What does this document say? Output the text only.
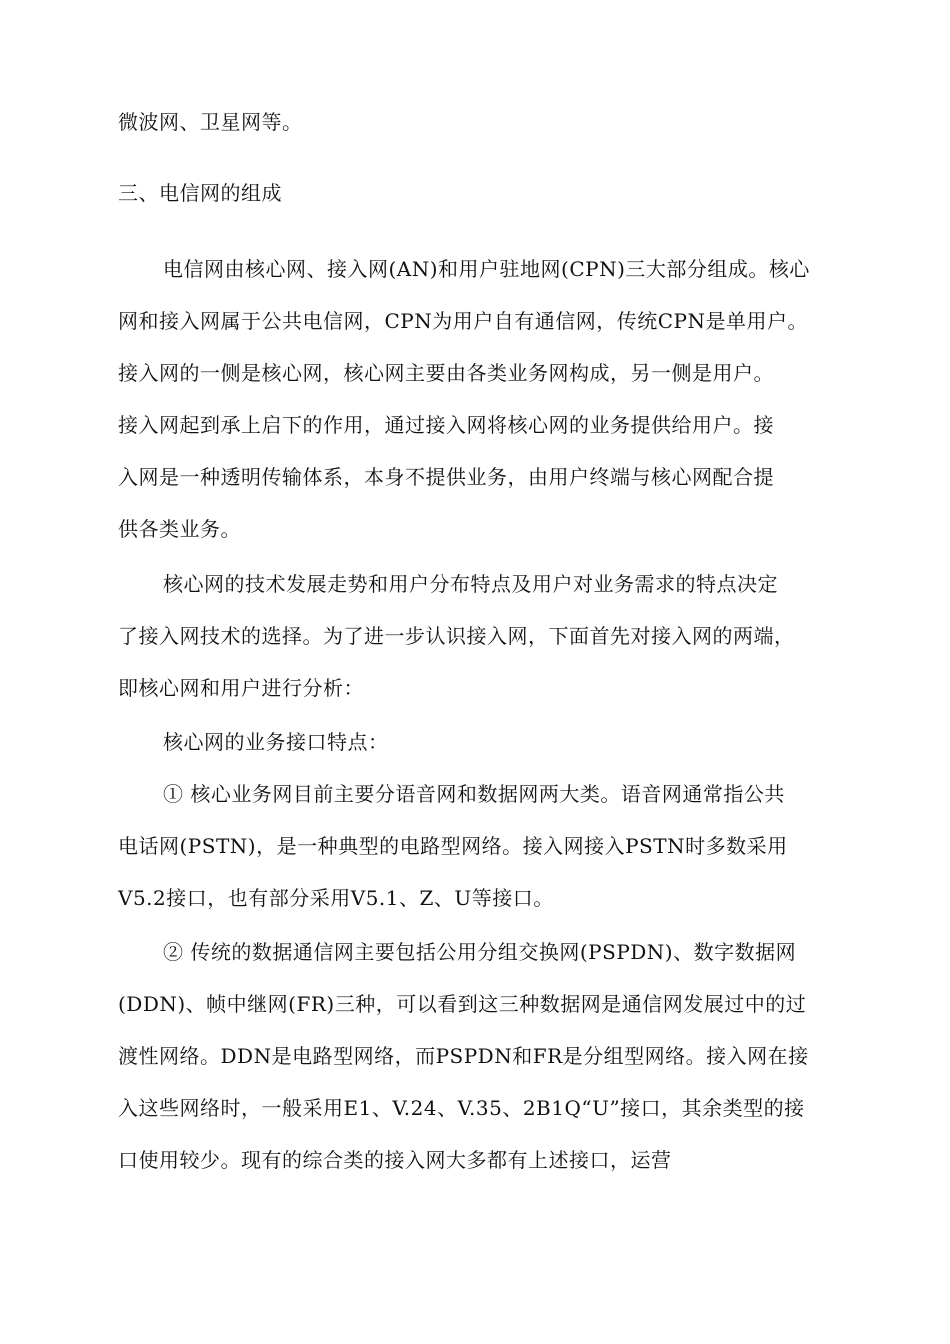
微波网、卫星网等。
三、电信网的组成
电信网由核心网、接入网(AN)和用户驻地网(CPN)三大部分组成。核心
网和接入网属于公共电信网，CPN为用户自有通信网，传统CPN是单用户。
接入网的一侧是核心网，核心网主要由各类业务网构成，另一侧是用户。
接入网起到承上启下的作用，通过接入网将核心网的业务提供给用户。接
入网是一种透明传输体系，本身不提供业务，由用户终端与核心网配合提
供各类业务。
核心网的技术发展走势和用户分布特点及用户对业务需求的特点决定
了接入网技术的选择。为了进一步认识接入网，下面首先对接入网的两端，
即核心网和用户进行分析：
核心网的业务接口特点：
① 核心业务网目前主要分语音网和数据网两大类。语音网通常指公共
电话网(PSTN)，是一种典型的电路型网络。接入网接入PSTN时多数采用
V5.2接口，也有部分采用V5.1、Z、U等接口。
② 传统的数据通信网主要包括公用分组交换网(PSPDN)、数字数据网
(DDN)、帧中继网(FR)三种，可以看到这三种数据网是通信网发展过中的过
渡性网络。DDN是电路型网络，而PSPDN和FR是分组型网络。接入网在接
入这些网络时，一般采用E1、V.24、V.35、2B1Q“U”接口，其余类型的接
口使用较少。现有的综合类的接入网大多都有上述接口，运营
